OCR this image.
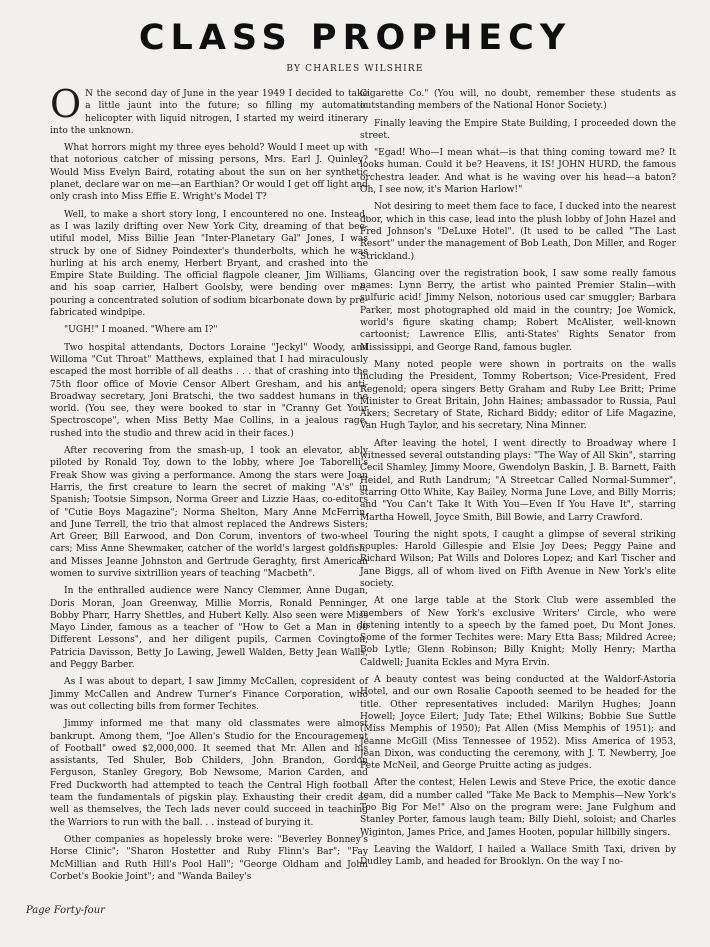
CLASS PROPHECY
BY CHARLES WILSHIRE

O N the second day of June in the year 1949 I decided to take a little jaunt into the future; so filling my automatic helicopter with liquid nitrogen, I started my weird itinerary into the unknown.

What horrors might my three eyes behold? Would I meet up with that notorious catcher of missing persons, Mrs. Earl J. Quinley? Would Miss Evelyn Baird, rotating about the sun on her synthetic planet, declare war on me—an Earthian? Or would I get off light and only crash into Miss Effie E. Wright's Model T?

Well, to make a short story long, I encountered no one. Instead, as I was lazily drifting over New York City, dreaming of that bee-utiful model, Miss Billie Jean "Inter-Planetary Gal" Jones, I was struck by one of Sidney Poindexter's thunderbolts, which he was hurling at his arch enemy, Herbert Bryant, and crashed into the Empire State Building. The official flagpole cleaner, Jim Williams, and his soap carrier, Halbert Goolsby, were bending over me, pouring a concentrated solution of sodium bicarbonate down by pre-fabricated windpipe.

"UGH!" I moaned. "Where am I?"

Two hospital attendants, Doctors Loraine "Jeckyl" Woody, and Willoma "Cut Throat" Matthews, explained that I had miraculously escaped the most horrible of all deaths . . . that of crashing into the 75th floor office of Movie Censor Albert Gresham, and his anti-Broadway secretary, Joni Bratschi, the two saddest humans in the world. (You see, they were booked to star in "Cranny Get Your Spectroscope", when Miss Betty Mae Collins, in a jealous rage, rushed into the studio and threw acid in their faces.)

After recovering from the smash-up, I took an elevator, ably piloted by Ronald Toy, down to the lobby, where Joe Taborelli's Freak Show was giving a performance. Among the stars were Joan Harris, the first creature to learn the secret of making "A's" in Spanish; Tootsie Simpson, Norma Greer and Lizzie Haas, co-editors of "Cutie Boys Magazine"; Norma Shelton, Mary Anne McFerrin, and June Terrell, the trio that almost replaced the Andrews Sisters; Art Greer, Bill Earwood, and Don Corum, inventors of two-wheel cars; Miss Anne Shewmaker, catcher of the world's largest goldfish; and Misses Jeanne Johnston and Gertrude Geraghty, first American women to survive sixtrillion years of teaching "Macbeth".

In the enthralled audience were Nancy Clemmer, Anne Dugan, Doris Moran, Joan Greenway, Millie Morris, Ronald Penninger, Bobby Pharr, Harry Shettles, and Hubert Kelly. Also seen were Miss Mayo Linder, famous as a teacher of "How to Get a Man in 60 Different Lessons", and her diligent pupils, Carmen Covington, Patricia Davisson, Betty Jo Lawing, Jewell Walden, Betty Jean Walls, and Peggy Barber.

As I was about to depart, I saw Jimmy McCallen, copresident of Jimmy McCallen and Andrew Turner's Finance Corporation, who was out collecting bills from former Techites.

Jimmy informed me that many old classmates were almost bankrupt. Among them, "Joe Allen's Studio for the Encouragement of Football" owed $2,000,000. It seemed that Mr. Allen and his assistants, Ted Shuler, Bob Childers, John Brandon, Gordon Ferguson, Stanley Gregory, Bob Newsome, Marion Carden, and Fred Duckworth had attempted to teach the Central High football team the fundamentals of pigskin play. Exhausting their credit as well as themselves, the Tech lads never could succeed in teaching the Warriors to run with the ball. . . instead of burying it.

Other companies as hopelessly broke were: "Beverley Bonney's Horse Clinic"; "Sharon Hostetter and Ruby Flinn's Bar"; "Fay McMillian and Ruth Hill's Pool Hall"; "George Oldham and John Corbet's Bookie Joint"; and "Wanda Bailey's

Cigarette Co." (You will, no doubt, remember these students as outstanding members of the National Honor Society.)

Finally leaving the Empire State Building, I proceeded down the street.

"Egad! Who—I mean what—is that thing coming toward me? It looks human. Could it be? Heavens, it IS! JOHN HURD, the famous orchestra leader. And what is he waving over his head—a baton? Oh, I see now, it's Marion Harlow!"

Not desiring to meet them face to face, I ducked into the nearest door, which in this case, lead into the plush lobby of John Hazel and Fred Johnson's "DeLuxe Hotel". (It used to be called "The Last Resort" under the management of Bob Leath, Don Miller, and Roger Strickland.)

Glancing over the registration book, I saw some really famous names: Lynn Berry, the artist who painted Premier Stalin—with sulfuric acid! Jimmy Nelson, notorious used car smuggler; Barbara Parker, most photographed old maid in the country; Joe Womick, world's figure skating champ; Robert McAlister, well-known cartoonist; Lawrence Ellis, anti-States' Rights Senator from Mississippi, and George Rand, famous bugler.

Many noted people were shown in portraits on the walls including the President, Tommy Robertson; Vice-President, Fred Regenold; opera singers Betty Graham and Ruby Lee Britt; Prime Minister to Great Britain, John Haines; ambassador to Russia, Paul Akers; Secretary of State, Richard Biddy; editor of Life Magazine, Van Hugh Taylor, and his secretary, Nina Minner.

After leaving the hotel, I went directly to Broadway where I witnessed several outstanding plays: "The Way of All Skin", starring Cecil Shamley, Jimmy Moore, Gwendolyn Baskin, J. B. Barnett, Faith Heidel, and Ruth Landrum; "A Streetcar Called Normal-Summer", starring Otto White, Kay Bailey, Norma June Love, and Billy Morris; and "You Can't Take It With You—Even If You Have It", starring Martha Howell, Joyce Smith, Bill Bowie, and Larry Crawford.

Touring the night spots, I caught a glimpse of several striking couples: Harold Gillespie and Elsie Joy Dees; Peggy Paine and Richard Wilson; Pat Wills and Dolores Lopez; and Karl Tischer and Jane Biggs, all of whom lived on Fifth Avenue in New York's elite society.

At one large table at the Stork Club were assembled the members of New York's exclusive Writers' Circle, who were listening intently to a speech by the famed poet, Du Mont Jones. Some of the former Techites were: Mary Etta Bass; Mildred Acree; Bob Lytle; Glenn Robinson; Billy Knight; Molly Henry; Martha Caldwell; Juanita Eckles and Myra Ervin.

A beauty contest was being conducted at the Waldorf-Astoria Hotel, and our own Rosalie Capooth seemed to be headed for the title. Other representatives included: Marilyn Hughes; Joann Howell; Joyce Eilert; Judy Tate; Ethel Wilkins; Bobbie Sue Suttle (Miss Memphis of 1950); Pat Allen (Miss Memphis of 1951); and Jeanne McGill (Miss Tennessee of 1952). Miss America of 1953, Jean Dixon, was conducting the ceremony, with J. T. Newberry, Joe Pete McNeil, and George Pruitte acting as judges.

After the contest, Helen Lewis and Steve Price, the exotic dance team, did a number called "Take Me Back to Memphis—New York's Too Big For Me!" Also on the program were: Jane Fulghum and Stanley Porter, famous laugh team; Billy Diehl, soloist; and Charles Wiginton, James Price, and James Hooten, popular hillbilly singers.

Leaving the Waldorf, I hailed a Wallace Smith Taxi, driven by Dudley Lamb, and headed for Brooklyn. On the way I no-

Page Forty-four
